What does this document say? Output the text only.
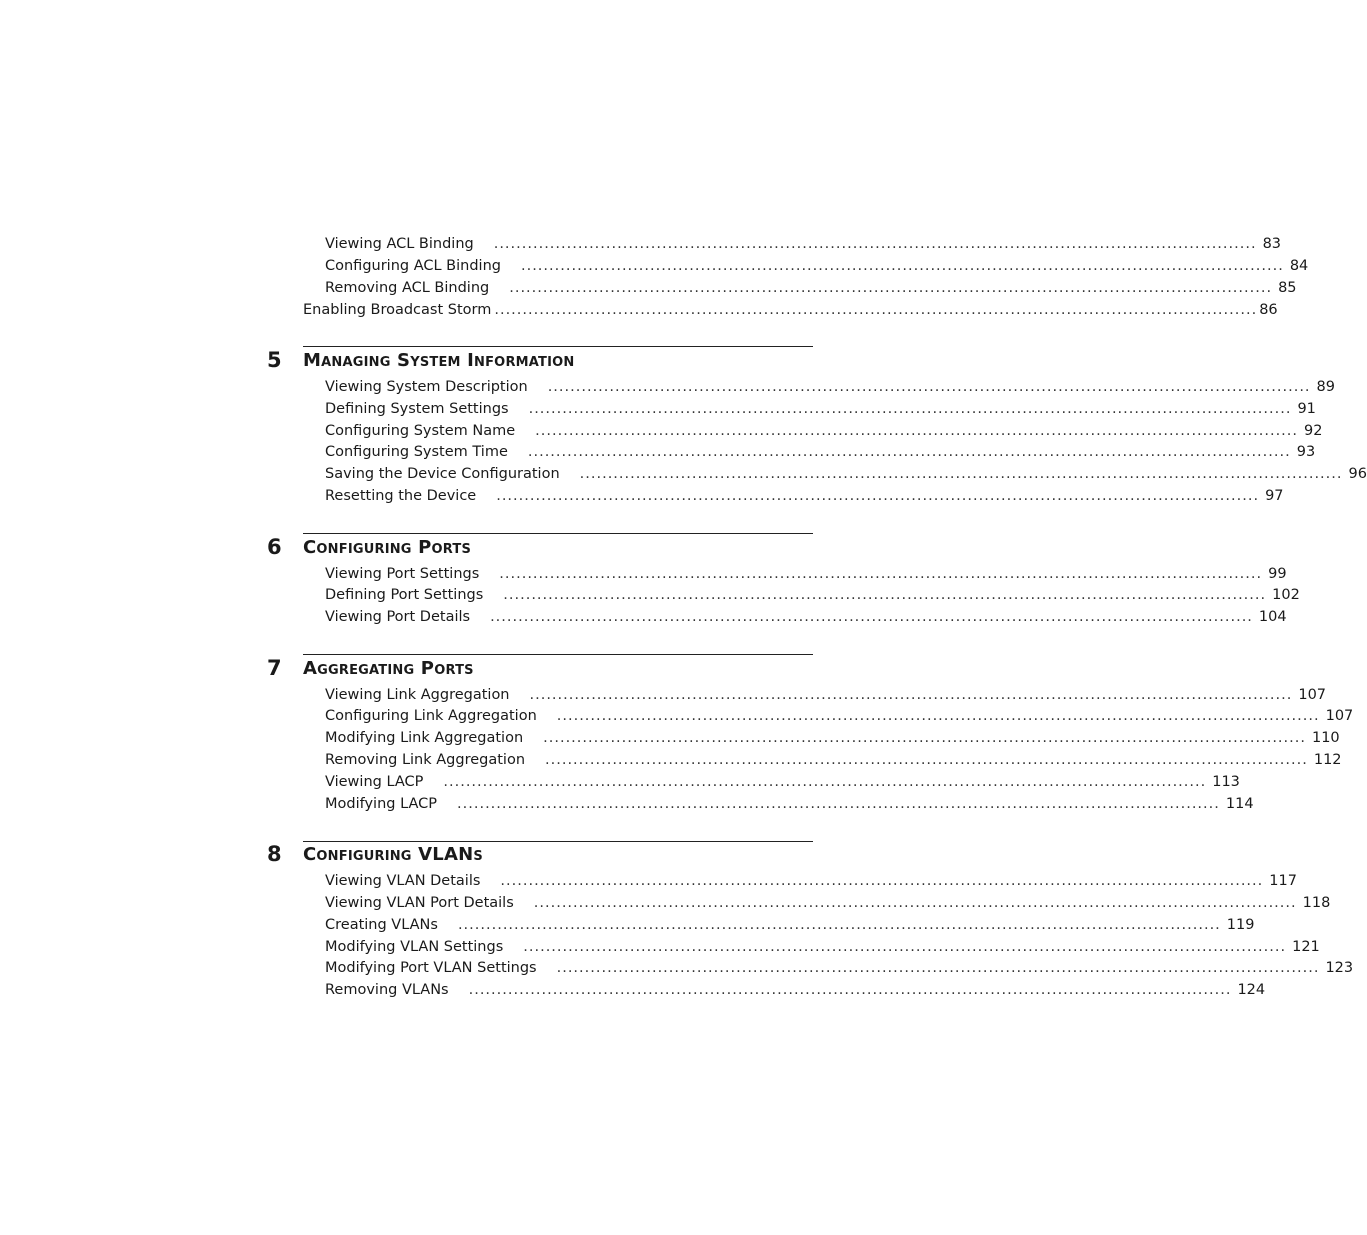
Viewing ACL Binding ........................................................................................................................................ 83
Configuring ACL Binding ........................................................................................................................................ 84
Removing ACL Binding ........................................................................................................................................ 85
Enabling Broadcast Storm ........................................................................................................................................ 86
5 Managing System Information
Viewing System Description ........................................................................................................................................ 89
Defining System Settings ........................................................................................................................................ 91
Configuring System Name ........................................................................................................................................ 92
Configuring System Time ........................................................................................................................................ 93
Saving the Device Configuration ........................................................................................................................................ 96
Resetting the Device ........................................................................................................................................ 97
6 Configuring Ports
Viewing Port Settings ........................................................................................................................................ 99
Defining Port Settings ........................................................................................................................................ 102
Viewing Port Details ........................................................................................................................................ 104
7 Aggregating Ports
Viewing Link Aggregation ........................................................................................................................................ 107
Configuring Link Aggregation ........................................................................................................................................ 107
Modifying Link Aggregation ........................................................................................................................................ 110
Removing Link Aggregation ........................................................................................................................................ 112
Viewing LACP ........................................................................................................................................ 113
Modifying LACP ........................................................................................................................................ 114
8 Configuring VLANs
Viewing VLAN Details ........................................................................................................................................ 117
Viewing VLAN Port Details ........................................................................................................................................ 118
Creating VLANs ........................................................................................................................................ 119
Modifying VLAN Settings ........................................................................................................................................ 121
Modifying Port VLAN Settings ........................................................................................................................................ 123
Removing VLANs ........................................................................................................................................ 124
